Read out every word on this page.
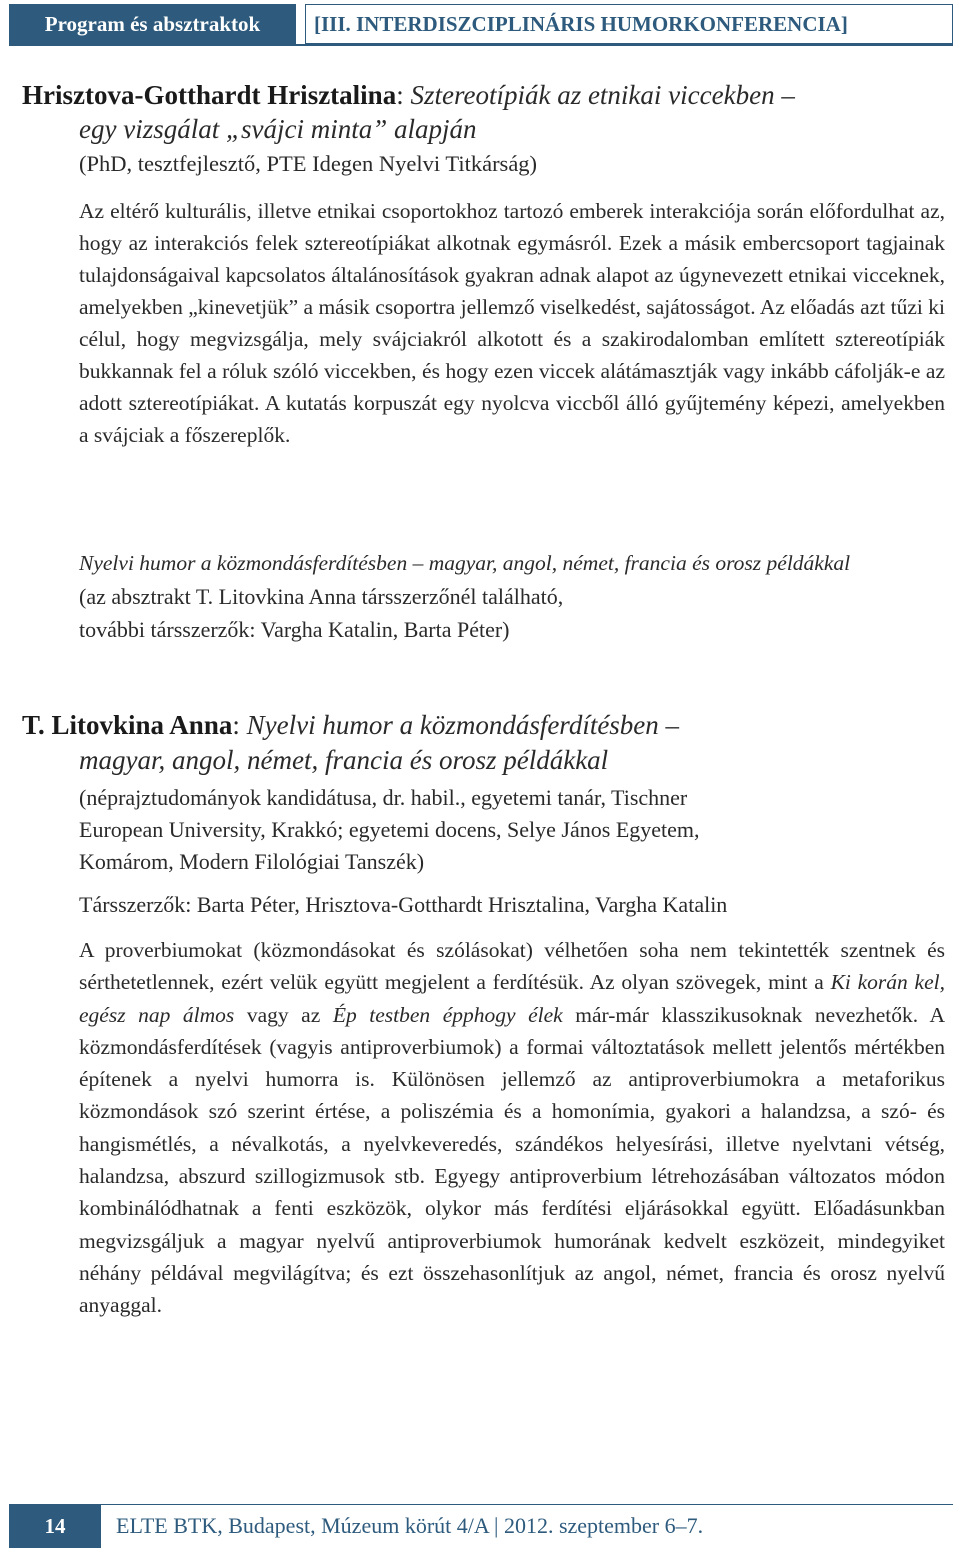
Program és absztraktok	[III. INTERDISZCIPLINÁRIS HUMORKONFERENCIA]
Hrisztova-Gotthardt Hrisztalina: Sztereotípiák az etnikai viccekben –
egy vizsgálat „svájci minta” alapján
(PhD, tesztfejlesztő, PTE Idegen Nyelvi Titkárság)
Az eltérő kulturális, illetve etnikai csoportokhoz tartozó emberek interakciója során előfordulhat az, hogy az interakciós felek sztereotípiákat alkotnak egymásról. Ezek a másik embercsoport tagjainak tulajdonságaival kapcsolatos általánosítások gyakran adnak alapot az úgynevezett etnikai vicceknek, amelyekben „kinevetjük” a másik csoportra jellemző viselkedést, sajátosságot. Az előadás azt tűzi ki célul, hogy megvizsgálja, mely svájciakról alkotott és a szakirodalomban említett sztereotípiák bukkannak fel a róluk szóló viccekben, és hogy ezen viccek alátámasztják vagy inkább cáfolják-e az adott sztereotípiákat. A kutatás korpuszát egy nyolcva viccből álló gyűjtemény képezi, amelyekben a svájciak a főszereplők.
Nyelvi humor a közmondásferdítésben – magyar, angol, német, francia és orosz példákkal
(az absztrakt T. Litovkina Anna társszerzőnél található,
további társszerzők: Vargha Katalin, Barta Péter)
T. Litovkina Anna: Nyelvi humor a közmondásferdítésben –
magyar, angol, német, francia és orosz példákkal
(néprajztudományok kandidátusa, dr. habil., egyetemi tanár, Tischner
European University, Krakkó; egyetemi docens, Selye János Egyetem,
Komárom, Modern Filológiai Tanszék)
Társszerzők: Barta Péter, Hrisztova-Gotthardt Hrisztalina, Vargha Katalin
A proverbiumokat (közmondásokat és szólásokat) vélhetően soha nem tekintették szentnek és sérthetetlennek, ezért velük együtt megjelent a ferdítésük. Az olyan szövegek, mint a Ki korán kel, egész nap álmos vagy az Ép testben épphogy élek már-már klasszikusoknak nevezhetők. A közmondásferdítések (vagyis antiproverbiumok) a formai változtatások mellett jelentős mértékben építenek a nyelvi humorra is. Különösen jellemző az antiproverbiumokra a metaforikus közmondások szó szerint értése, a poliszémia és a homonímia, gyakori a halandzsa, a szó- és hangismétlés, a névalkotás, a nyelvkeveredés, szándékos helyesírási, illetve nyelvtani vétség, halandzsa, abszurd szillogizmusok stb. Egyegy antiproverbium létrehozásában változatos módon kombinálódhatnak a fenti eszközök, olykor más ferdítési eljárásokkal együtt. Előadásunkban megvizsgáljuk a magyar nyelvű antiproverbiumok humorának kedvelt eszközeit, mindegyiket néhány példával megvilágítva; és ezt összehasonlítjuk az angol, német, francia és orosz nyelvű anyaggal.
14	ELTE BTK, Budapest, Múzeum körút 4/A | 2012. szeptember 6–7.
